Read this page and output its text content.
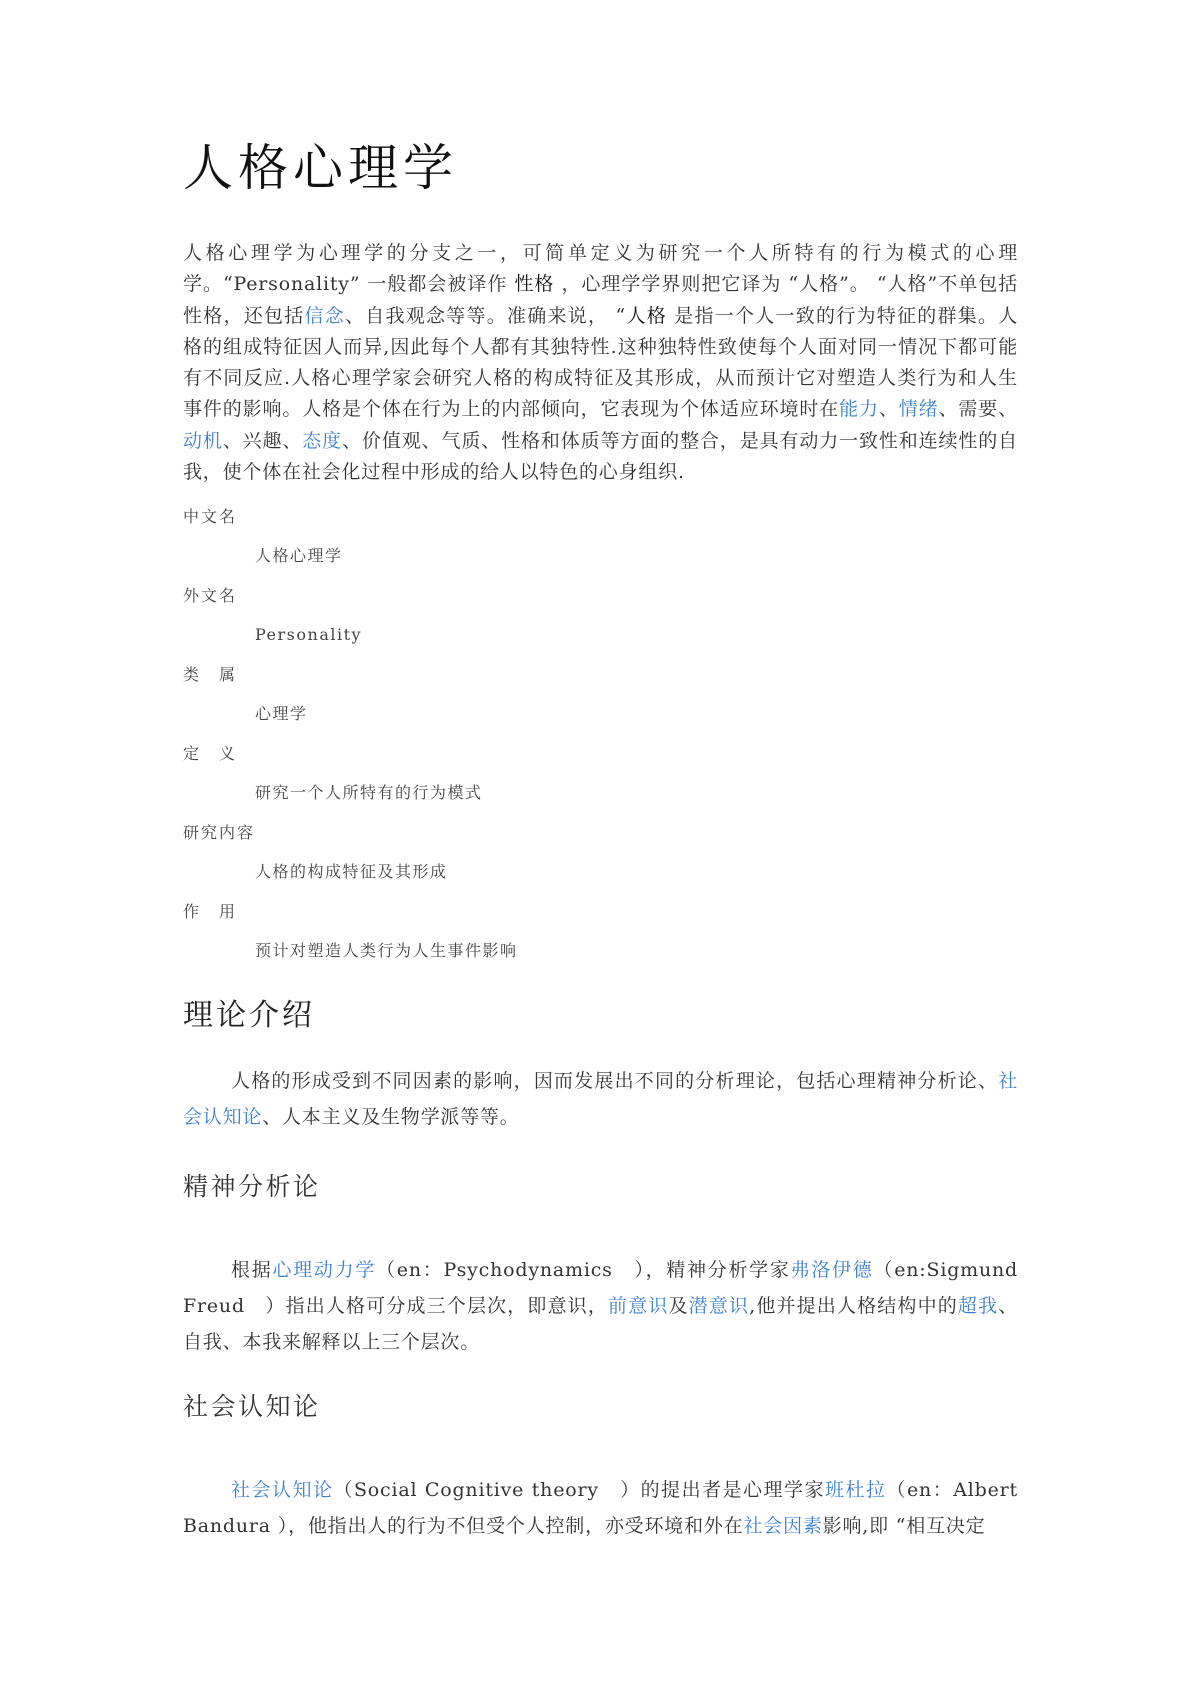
人格心理学

人格心理学为心理学的分支之一，可简单定义为研究一个人所特有的行为模式的心理学。“Personality” 一般都会被译作 性格 ，心理学学界则把它译为 “人格”。 “人格”不单包括性格，还包括信念、自我观念等等。准确来说， “人格 是指一个人一致的行为特征的群集。人格的组成特征因人而异,因此每个人都有其独特性.这种独特性致使每个人面对同一情况下都可能有不同反应.人格心理学家会研究人格的构成特征及其形成，从而预计它对塑造人类行为和人生事件的影响。人格是个体在行为上的内部倾向，它表现为个体适应环境时在能力、情绪、需要、动机、兴趣、态度、价值观、气质、性格和体质等方面的整合，是具有动力一致性和连续性的自我，使个体在社会化过程中形成的给人以特色的心身组织.

中文名
人格心理学
外文名
Personality
类属
心理学
定义
研究一个人所特有的行为模式
研究内容
人格的构成特征及其形成
作用
预计对塑造人类行为人生事件影响
理论介绍

人格的形成受到不同因素的影响，因而发展出不同的分析理论，包括心理精神分析论、社会认知论、人本主义及生物学派等等。

精神分析论

根据心理动力学（en：Psychodynamics　），精神分析学家弗洛伊德（en:Sigmund Freud　）指出人格可分成三个层次，即意识，前意识及潜意识,他并提出人格结构中的超我、自我、本我来解释以上三个层次。

社会认知论

社会认知论（Social Cognitive theory　）的提出者是心理学家班杜拉（en：Albert Bandura ），他指出人的行为不但受个人控制，亦受环境和外在社会因素影响,即 “相互决定
